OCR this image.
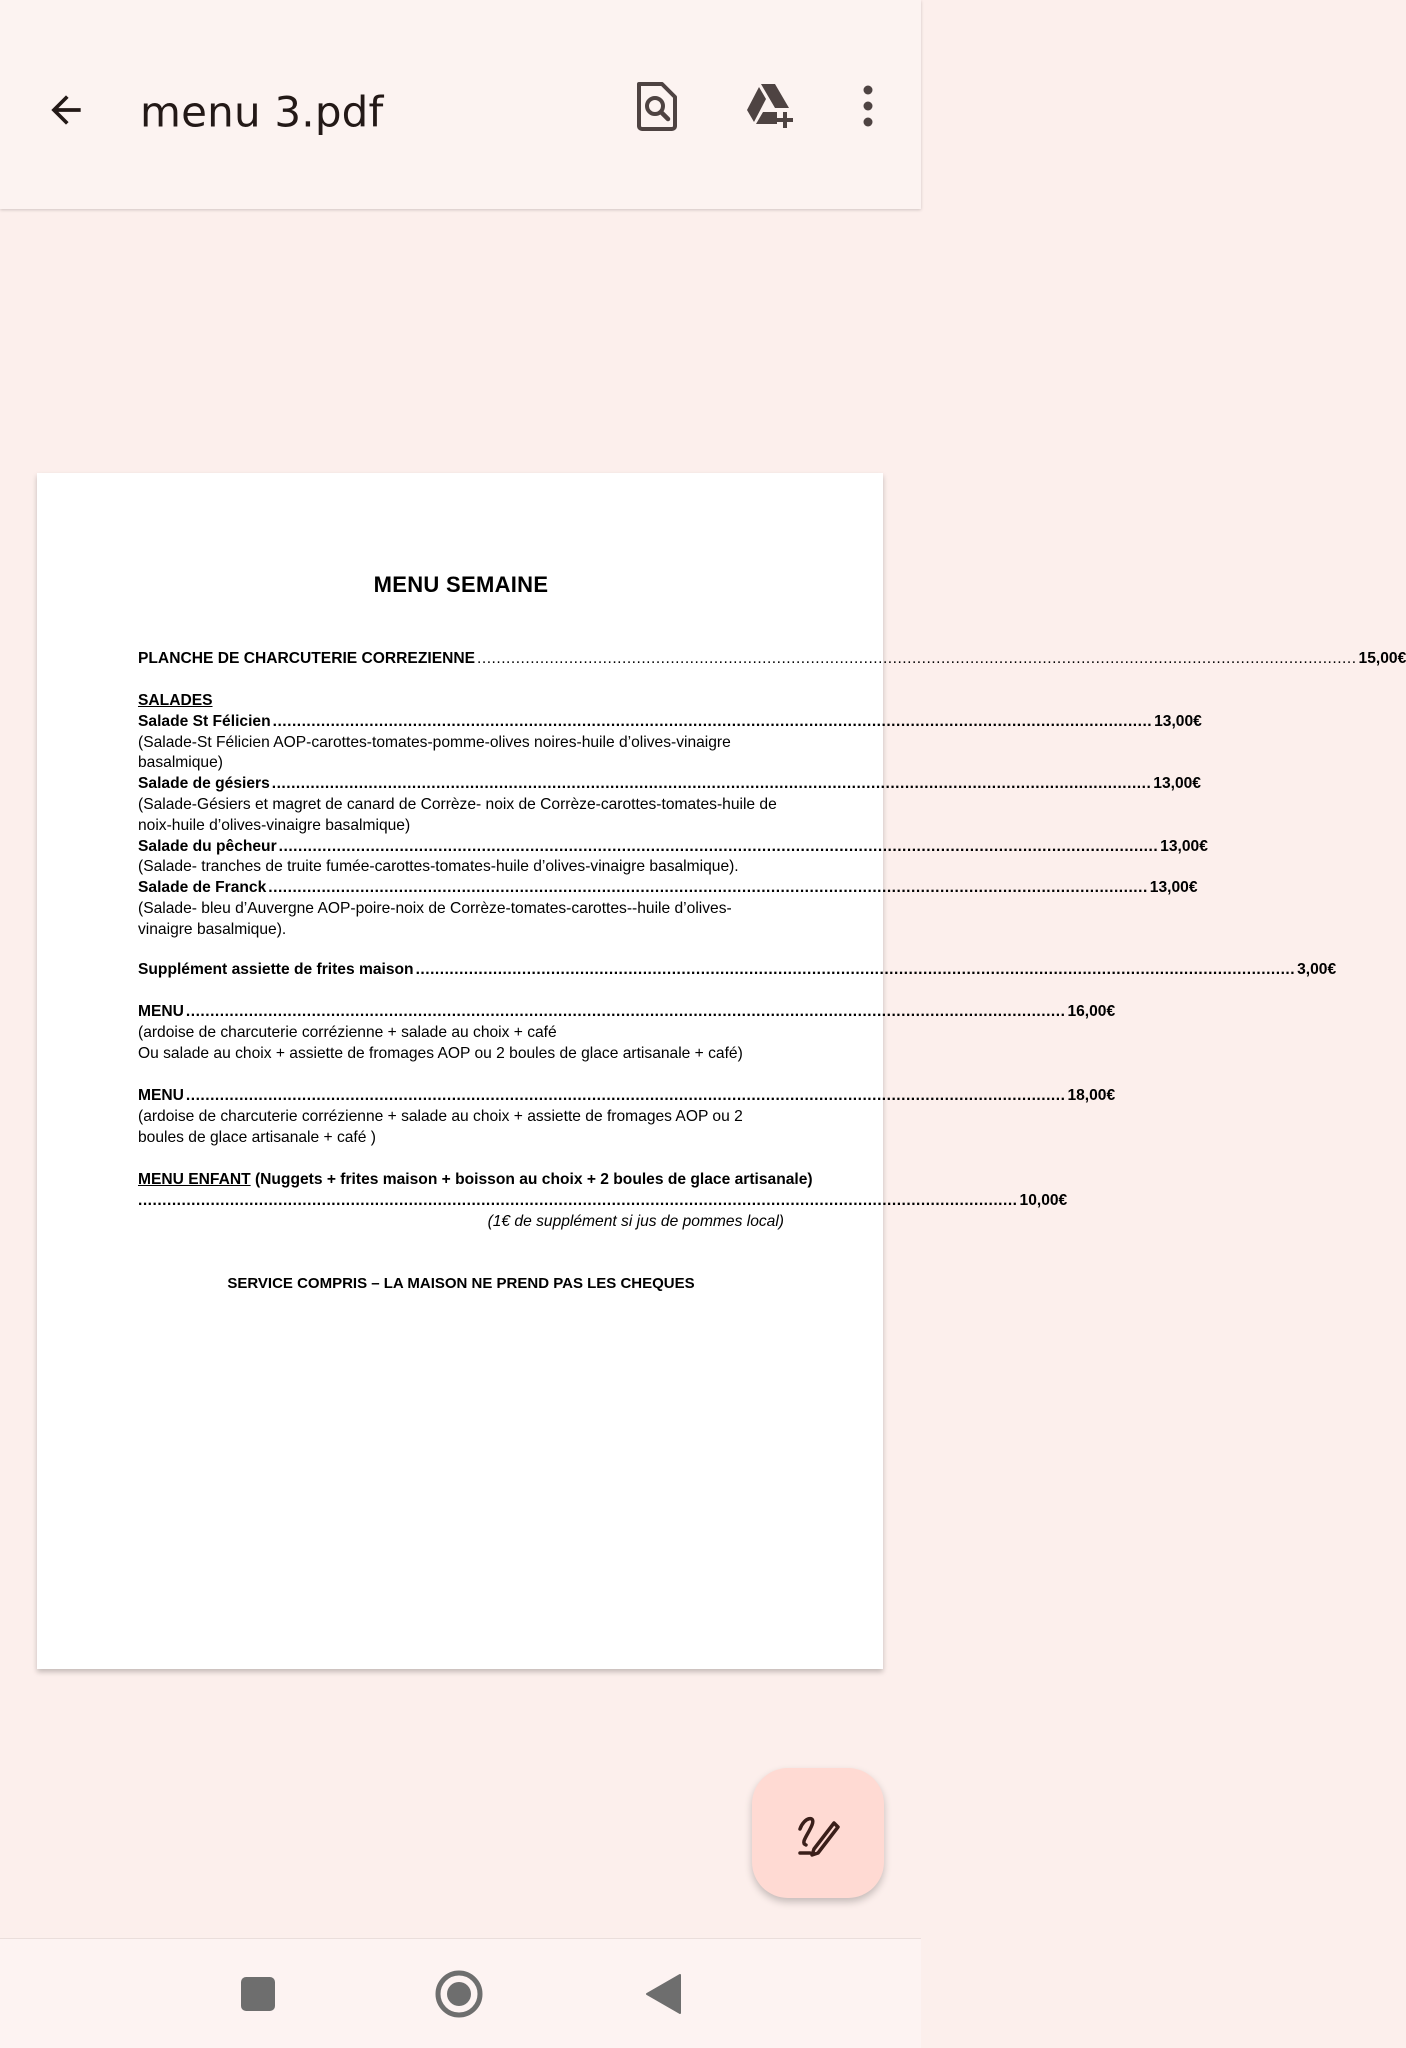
menu 3.pdf
MENU SEMAINE
PLANCHE DE CHARCUTERIE CORREZIENNE ...................................................................................................................................................................................... 15,00€
SALADES
Salade St Félicien ...................................................................................................................................................................................... 13,00€
(Salade-St Félicien AOP-carottes-tomates-pomme-olives noires-huile d’olives-vinaigre
basalmique)
Salade de gésiers ...................................................................................................................................................................................... 13,00€
(Salade-Gésiers et magret de canard de Corrèze- noix de Corrèze-carottes-tomates-huile de
noix-huile d’olives-vinaigre basalmique)
Salade du pêcheur ...................................................................................................................................................................................... 13,00€
(Salade- tranches de truite fumée-carottes-tomates-huile d’olives-vinaigre basalmique).
Salade de Franck ...................................................................................................................................................................................... 13,00€
(Salade- bleu d’Auvergne AOP-poire-noix de Corrèze-tomates-carottes--huile d’olives-
vinaigre basalmique).
Supplément assiette de frites maison ...................................................................................................................................................................................... 3,00€
MENU ...................................................................................................................................................................................... 16,00€
(ardoise de charcuterie corrézienne + salade au choix + café
Ou salade au choix + assiette de fromages AOP ou 2 boules de glace artisanale + café)
MENU ...................................................................................................................................................................................... 18,00€
(ardoise de charcuterie corrézienne + salade au choix + assiette de fromages AOP ou 2
boules de glace artisanale + café )
MENU ENFANT (Nuggets + frites maison + boisson au choix + 2 boules de glace artisanale)
...................................................................................................................................................................................... 10,00€
(1€ de supplément si jus de pommes local)
SERVICE COMPRIS – LA MAISON NE PREND PAS LES CHEQUES
